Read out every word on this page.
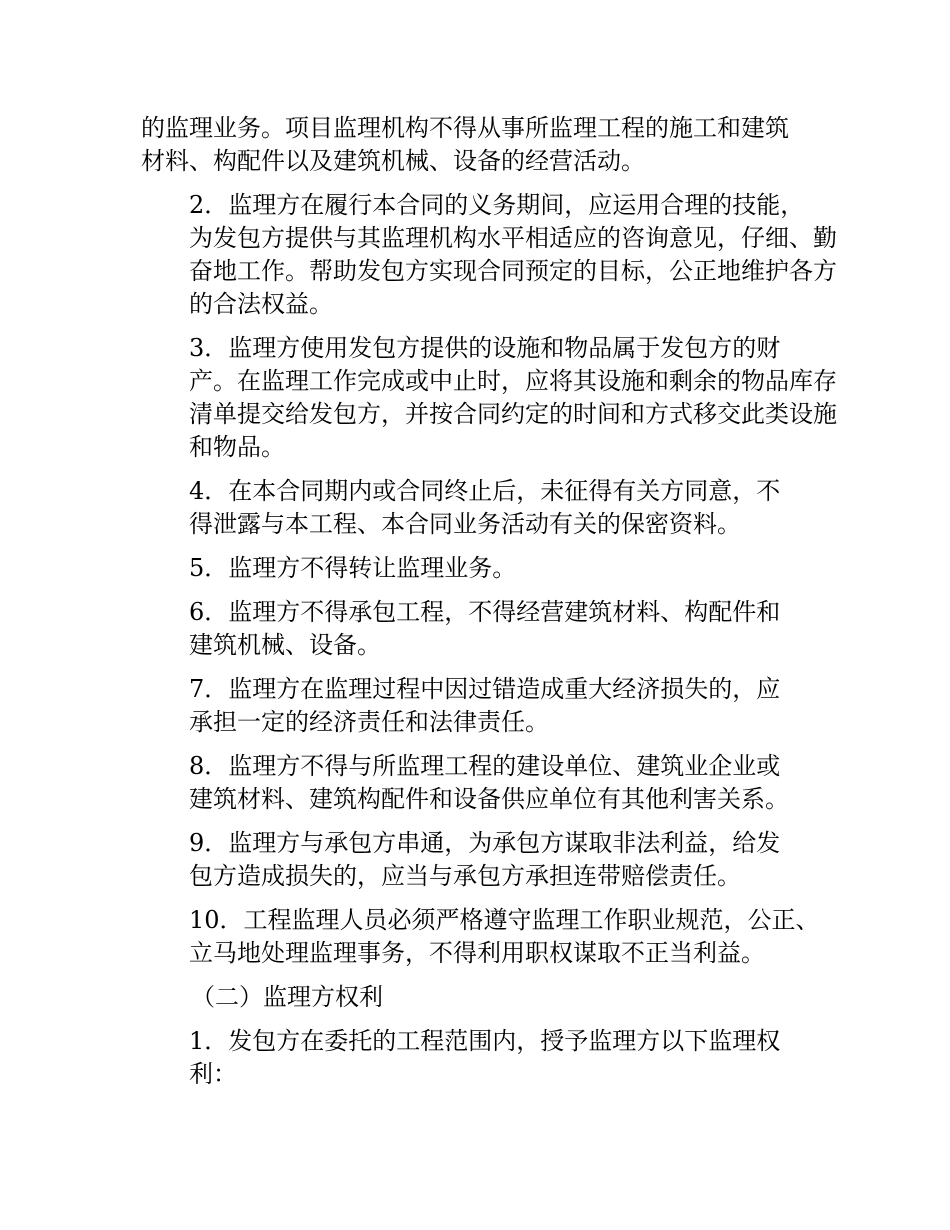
的监理业务。项目监理机构不得从事所监理工程的施工和建筑
材料、构配件以及建筑机械、设备的经营活动。

2．监理方在履行本合同的义务期间，应运用合理的技能，
为发包方提供与其监理机构水平相适应的咨询意见，仔细、勤
奋地工作。帮助发包方实现合同预定的目标，公正地维护各方
的合法权益。

3．监理方使用发包方提供的设施和物品属于发包方的财
产。在监理工作完成或中止时，应将其设施和剩余的物品库存
清单提交给发包方，并按合同约定的时间和方式移交此类设施
和物品。

4．在本合同期内或合同终止后，未征得有关方同意，不
得泄露与本工程、本合同业务活动有关的保密资料。

5．监理方不得转让监理业务。

6．监理方不得承包工程，不得经营建筑材料、构配件和
建筑机械、设备。

7．监理方在监理过程中因过错造成重大经济损失的，应
承担一定的经济责任和法律责任。

8．监理方不得与所监理工程的建设单位、建筑业企业或
建筑材料、建筑构配件和设备供应单位有其他利害关系。

9．监理方与承包方串通，为承包方谋取非法利益，给发
包方造成损失的，应当与承包方承担连带赔偿责任。

10．工程监理人员必须严格遵守监理工作职业规范，公正、
立马地处理监理事务，不得利用职权谋取不正当利益。

（二）监理方权利

1．发包方在委托的工程范围内，授予监理方以下监理权
利：
